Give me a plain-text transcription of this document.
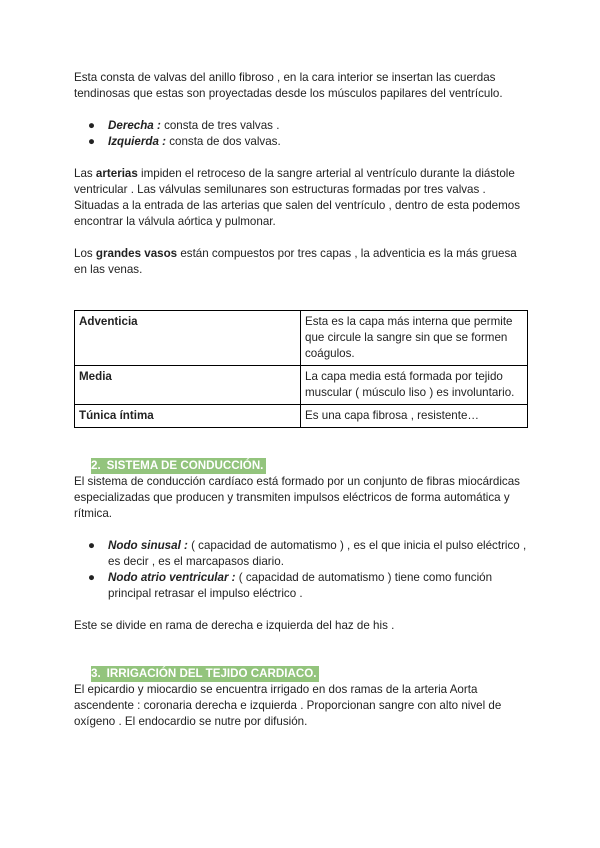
Esta consta de valvas del anillo fibroso , en la cara interior se insertan las cuerdas tendinosas que estas son proyectadas desde los músculos papilares del ventrículo.

● Derecha : consta de tres valvas .
● Izquierda : consta de dos valvas.

Las arterias impiden el retroceso de la sangre arterial al ventrículo durante la diástole ventricular . Las válvulas semilunares son estructuras formadas por tres valvas . Situadas a la entrada de las arterias que salen del ventrículo , dentro de esta podemos encontrar la válvula aórtica y pulmonar.

Los grandes vasos están compuestos por tres capas , la adventicia es la más gruesa en las venas.

Adventicia	Esta es la capa más interna que permite que circule la sangre sin que se formen coágulos.
Media	La capa media está formada por tejido muscular ( músculo liso ) es involuntario.
Túnica íntima	Es una capa fibrosa , resistente…
2. SISTEMA DE CONDUCCIÓN.

El sistema de conducción cardíaco está formado por un conjunto de fibras miocárdicas especializadas que producen y transmiten impulsos eléctricos de forma automática y rítmica.

● Nodo sinusal : ( capacidad de automatismo ) , es el que inicia el pulso eléctrico , es decir , es el marcapasos diario.
● Nodo atrio ventricular : ( capacidad de automatismo ) tiene como función principal retrasar el impulso eléctrico .

Este se divide en rama de derecha e izquierda del haz de his .

3. IRRIGACIÓN DEL TEJIDO CARDIACO.

El epicardio y miocardio se encuentra irrigado en dos ramas de la arteria Aorta ascendente : coronaria derecha e izquierda . Proporcionan sangre con alto nivel de oxígeno . El endocardio se nutre por difusión.
